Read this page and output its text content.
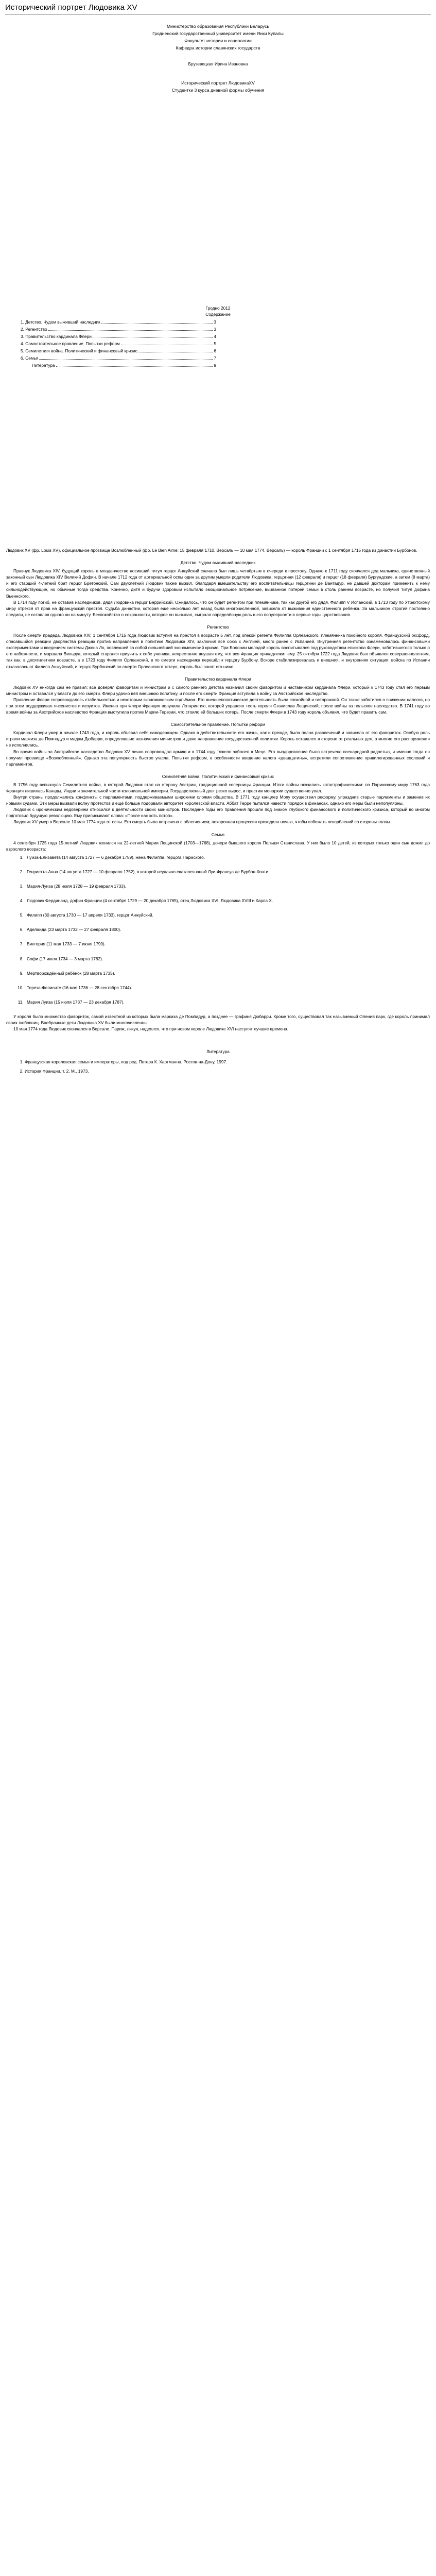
Исторический портрет Людовика XV
Министерство образования Республики Беларусь
Гродненский государственный университет имени Янки Купалы
Факультет истории и социологии
Кафедра истории славянских государств
Брузевецкая Ирина Ивановна
Исторический портрет ЛюдовикаXV
Студентки 3 курса дневной формы обучения
Гродно 2012
Содержание
1. Детство. Чудом выживший наследник	3
2. Регентство	3
3. Правительство кардинала Флери	4
4. Самостоятельное правление. Попытки реформ	5
5. Семилетняя война. Политический и финансовый кризис	6
6. Семья	7
Литература	9

Людовик XV (фр. Louis XV), официальное прозвище Возлюбленный (фр. Le Bien Aimé; 15 февраля 1710, Версаль — 10 мая 1774, Версаль) — король Франции с 1 сентября 1715 года из династии Бурбонов.

Детство. Чудом выживший наследник

Правнук Людовика XIV, будущий король в младенчестве носивший титул герцог Анжуйский сначала был лишь четвёртым в очереди к престолу. Однако к 1711 году скончался дед мальчика, единственный законный сын Людовика XIV Великий Дофин. В начале 1712 года от артериальной оспы один за другим умерли родители Людовика, герцогиня (12 февраля) и герцог (18 февраля) Бургундские, а затем (8 марта) и его старший 4-летний брат герцог Бретонский. Сам двухлетний Людовик также выжил, благодаря вмешательству его воспитательницы герцогини де Вантадур, не давшей докторам применить к нему сильнодействующие, но обычные тогда средства. Конечно, дитя и будучи здоровым испытало эмоциональное потрясение, вызванное потерей семьи в столь раннем возрасте, но получил титул дофина Вьеннского.

В 1714 году погиб, не оставив наследников, дядя Людовика герцог Беррийский. Ожидалось, что он будет регентом при племяннике, так как другой его дядя, Филипп V Испанский, в 1713 году по Утрехтскому миру отрёкся от прав на французский престол. Судьба династии, которая ещё несколько лет назад была многочисленной, зависела от выживания единственного ребёнка. За мальчиком строгий постоянно следили, не оставляя одного ни на минуту. Беспокойство о сохранности, которое он вызывал, сыграло определённую роль в его популярности в первые годы царствования.

Регентство

После смерти прадеда, Людовика XIV, 1 сентября 1715 года Людовик вступил на престол в возрасте 5 лет, под опекой регента Филиппа Орлеанского, племянника покойного короля. Французский оксфорд, опасавшийся реакции дворянства реакцию против направления в политике Людовика XIV, заключил всё союз с Англией, много ранее с Испанией. Внутренняя регентство ознаменовалось финансовыми экспериментами и введением системы Джона Ло, повлекшей за собой сильнейший экономический кризис. При Болонии молодой король воспитывался под руководством епископа Флери, заботившегося только о его набожности, и маршала Вильруа, который старался приучить к себе ученика, непрестанно внушая ему, что вся Франция принадлежит ему. 25 октября 1722 года Людовик был объявлен совершеннолетним, так как, в десятилетнем возрасте, а в 1723 году Филипп Орлеанский, в по смерти наследника перешёл к герцогу Бурбону. Вскоре стабилизировалась и внешняя, и внутренняя ситуация: войска по Испании отказалась от Филипп Анжуйский, и герцог Бурбонский по смерти Орлеанского тетеря, король был занят его ниже.

Правительство кардинала Флери

Людовик XV никогда сам не правил; всё доверял фаворитам и министрам и с самого раннего детства назначил своим фаворитом и наставником кардинала Флери, который к 1743 году стал его первым министром и оставался у власти до его смерти. Флери удачно вёл внешнюю политику, и после его смерти Франция вступила в войну за Австрийское наследство.

Правление Флери сопровождалось стабильностью и некоторым экономическим подъёмом. Его внешнеполитическая деятельность была спокойной и осторожной. Он также заботился о снижении налогов, но при этом поддерживал янсенистов и иезуитов. Именно при Флери Франция получила Лотарингию, которой управлял тесть короля Станислав Лещинский, после войны за польское наследство. В 1741 году во время войны за Австрийское наследство Франция выступила против Марии-Терезии, что стоило ей больших потерь. После смерти Флери в 1743 году король объявил, что будет править сам.

Самостоятельное правление. Попытки реформ

Кардинал Флери умер в начале 1743 года, и король объявил себя самодержцем. Однако в действительности его жизнь, как и прежде, была полна развлечений и зависела от его фавориток. Особую роль играли маркиза де Помпадур и мадам Дюбарри, определявшие назначения министров и даже направление государственной политики. Король оставался в стороне от реальных дел, а многие его распоряжения не исполнялись.

Во время войны за Австрийское наследство Людовик XV лично сопровождал армию и в 1744 году тяжело заболел в Меце. Его выздоровление было встречено всенародной радостью, и именно тогда он получил прозвище «Возлюбленный». Однако эта популярность быстро угасла. Попытки реформ, в особенности введение налога «двадцатины», встретили сопротивление привилегированных сословий и парламентов.

Семилетняя война. Политический и финансовый кризис

В 1756 году вспыхнула Семилетняя война, в которой Людовик стал на сторону Австрии, традиционной соперницы Франции. Итоги войны оказались катастрофическими: по Парижскому миру 1763 года Франция лишилась Канады, Индии и значительной части колониальной империи. Государственный долг резко вырос, и престиж монархии существенно упал.

Внутри страны продолжались конфликты с парламентами, поддерживаемыми широкими слоями общества. В 1771 году канцлер Мопу осуществил реформу, упразднив старые парламенты и заменив их новыми судами. Эти меры вызвали волну протестов и ещё больше подорвали авторитет королевской власти. Аббат Терре пытался навести порядок в финансах, однако его меры были непопулярны.

Людовик с ироническим недоверием относился к деятельности своих министров. Последние годы его правления прошли под знаком глубокого финансового и политического кризиса, который во многом подготовил будущую революцию. Ему приписывают слова: «После нас хоть потоп».

Людовик XV умер в Версале 10 мая 1774 года от оспы. Его смерть была встречена с облегчением; похоронная процессия проходила ночью, чтобы избежать оскорблений со стороны толпы.

Семья

4 сентября 1725 года 15-летний Людовик женился на 22-летней Марии Лещинской (1703—1768), дочери бывшего короля Польши Станислава. У них было 10 детей, из которых только один сын дожил до взрослого возраста:

1. Луиза-Елизавета (14 августа 1727 — 6 декабря 1759), жена Филиппа, герцога Пармского.
2. Генриетта-Анна (14 августа 1727 — 10 февраля 1752), в которой неудачно сватался юный Луи-Франсуа де Бурбон-Конти.
3. Мария-Луиза (28 июля 1728 — 19 февраля 1733).
4. Людовик Фердинанд, дофин Франции (4 сентября 1729 — 20 декабря 1765), отец Людовика XVI, Людовика XVIII и Карла X.
5. Филипп (30 августа 1730 — 17 апреля 1733), герцог Анжуйский.
6. Аделаида (23 марта 1732 — 27 февраля 1800).
7. Виктория (11 мая 1733 — 7 июня 1799).
8. Софи (17 июля 1734 — 3 марта 1782).
9. Мертворождённый ребёнок (28 марта 1735).
10. Тереза-Фелисите (16 мая 1736 — 28 сентября 1744).
11. Мария Луиза (15 июля 1737 — 23 декабря 1787).

У короля было множество фавориток, самой известной из которых была маркиза де Помпадур, а позднее — графиня Дюбарри. Кроме того, существовал так называемый Олений парк, где король принимал своих любовниц. Внебрачные дети Людовика XV были многочисленны.

10 мая 1774 года Людовик скончался в Версале. Париж, ликуя, надеялся, что при новом короле Людовике XVI наступят лучшие времена.

Литература
1. Французская королевская семья и императоры, под ред. Петера К. Хартманна. Ростов-на-Дону, 1997.
2. История Франции, т. 2. М., 1973.
